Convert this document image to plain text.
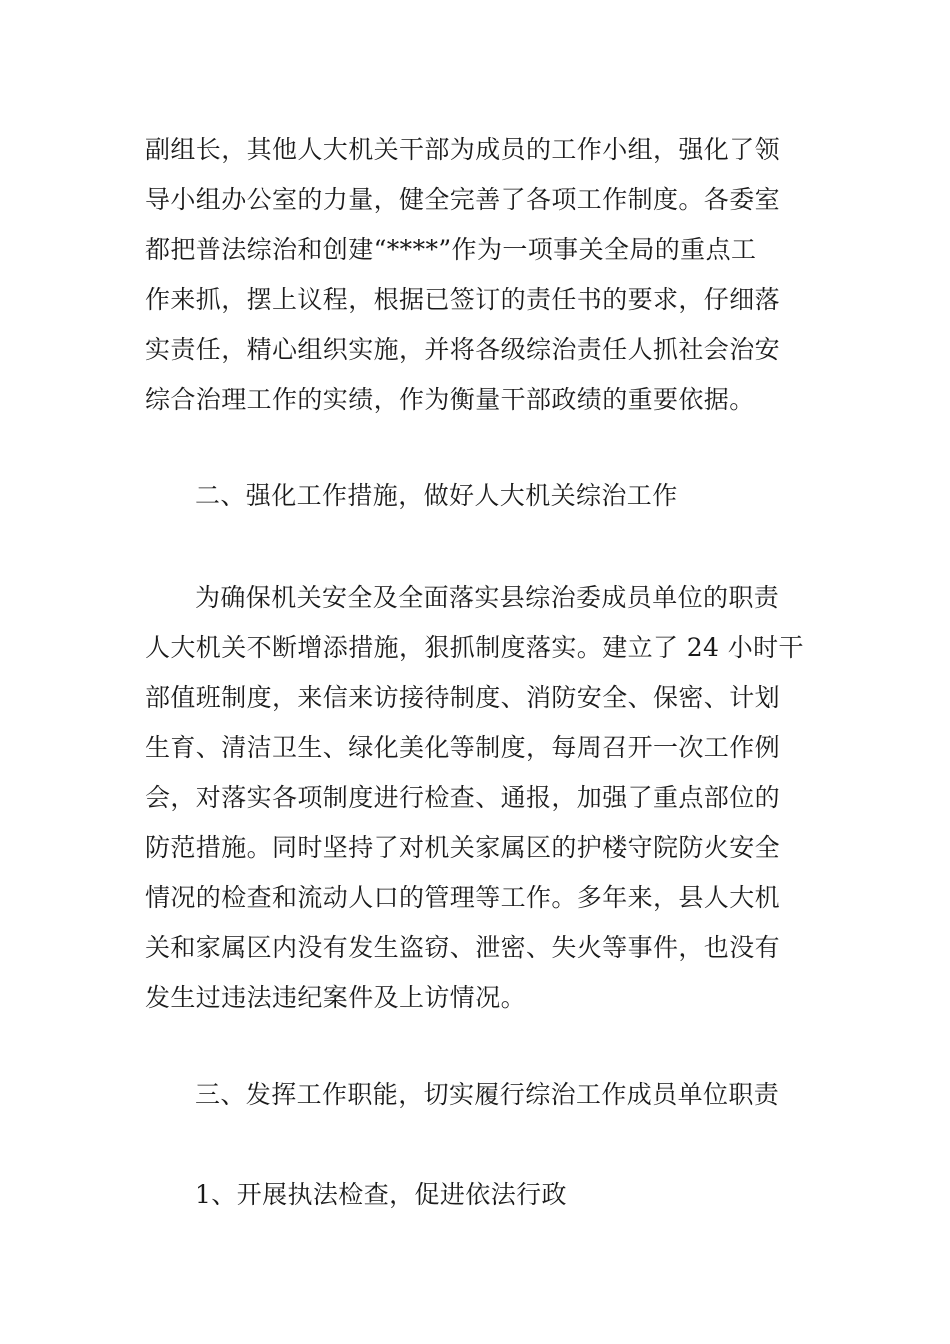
副组长，其他人大机关干部为成员的工作小组，强化了领
导小组办公室的力量，健全完善了各项工作制度。各委室
都把普法综治和创建“****”作为一项事关全局的重点工
作来抓，摆上议程，根据已签订的责任书的要求，仔细落
实责任，精心组织实施，并将各级综治责任人抓社会治安
综合治理工作的实绩，作为衡量干部政绩的重要依据。
二、强化工作措施，做好人大机关综治工作
为确保机关安全及全面落实县综治委成员单位的职责
人大机关不断增添措施，狠抓制度落实。建立了 24 小时干
部值班制度，来信来访接待制度、消防安全、保密、计划
生育、清洁卫生、绿化美化等制度，每周召开一次工作例
会，对落实各项制度进行检查、通报，加强了重点部位的
防范措施。同时坚持了对机关家属区的护楼守院防火安全
情况的检查和流动人口的管理等工作。多年来，县人大机
关和家属区内没有发生盗窃、泄密、失火等事件，也没有
发生过违法违纪案件及上访情况。
三、发挥工作职能，切实履行综治工作成员单位职责
1、开展执法检查，促进依法行政
